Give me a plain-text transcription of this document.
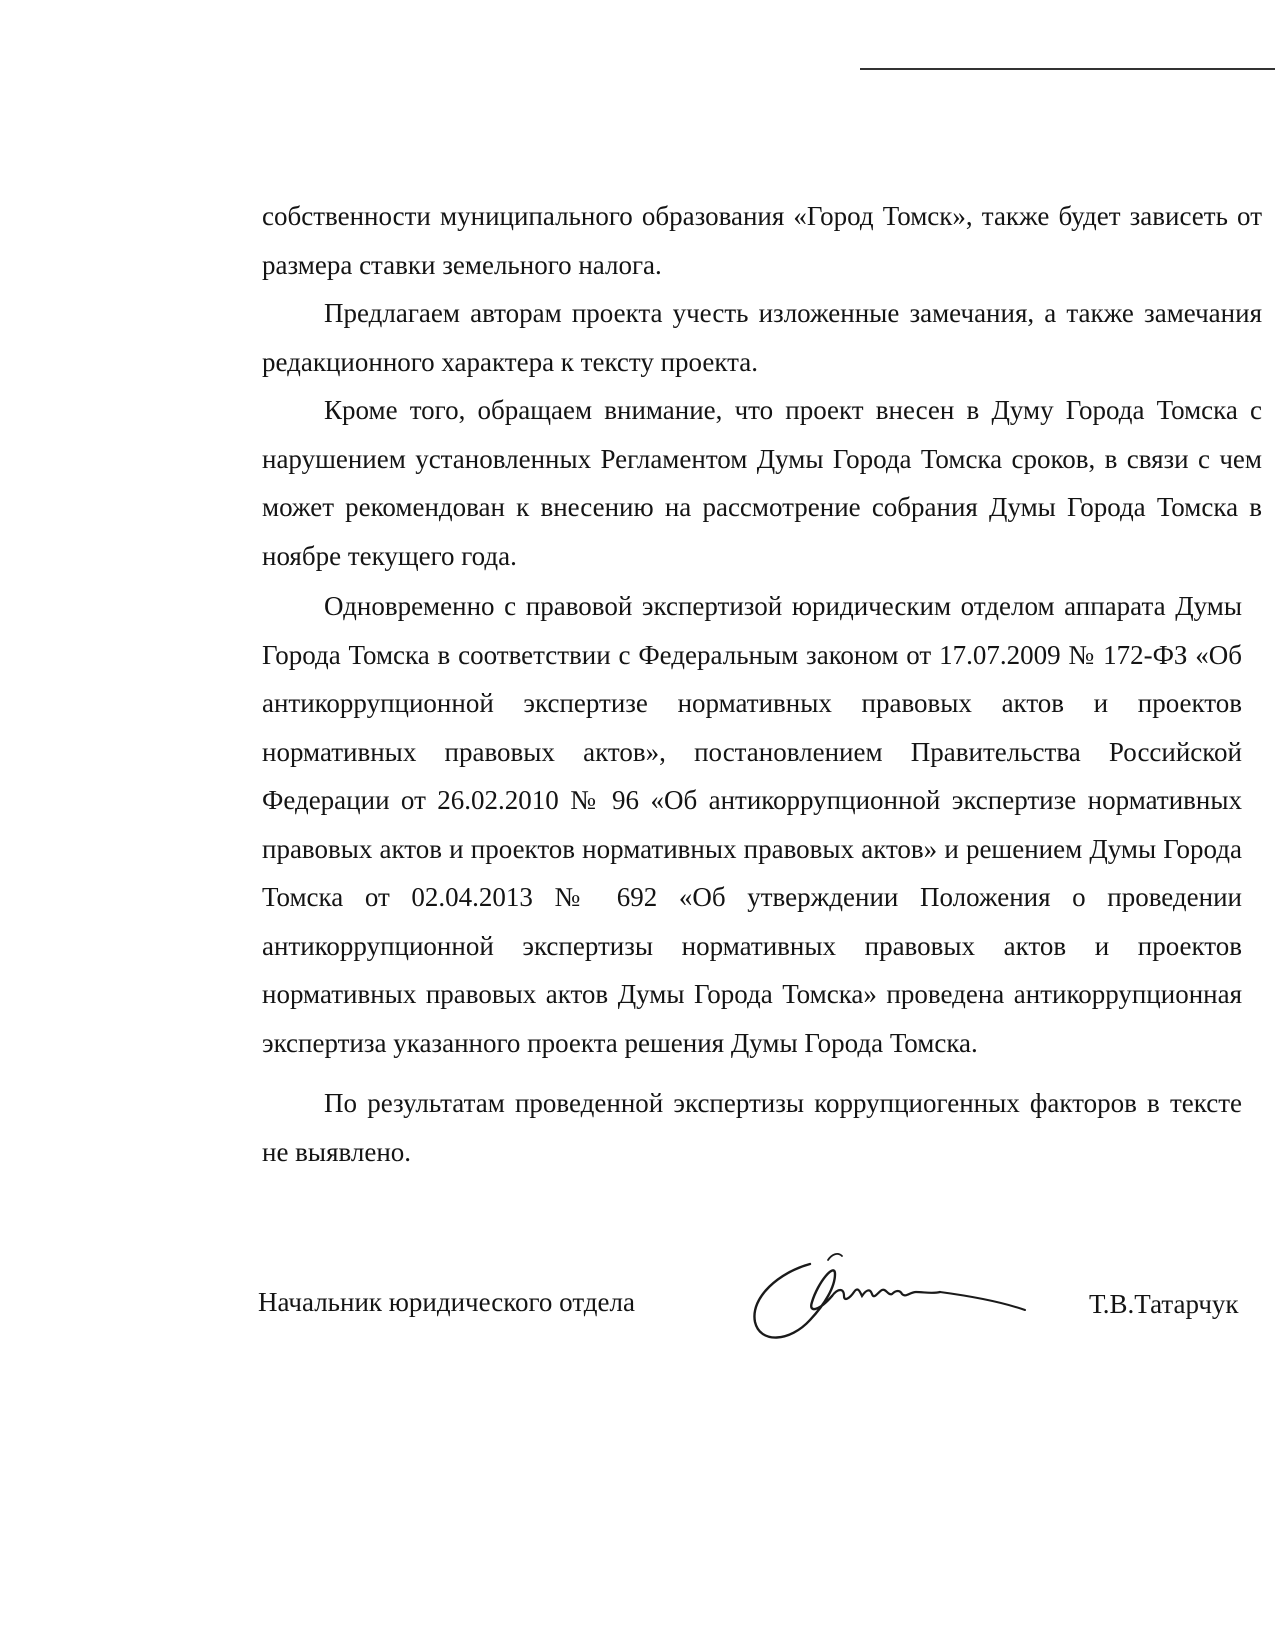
собственности муниципального образования «Город Томск», также будет зависеть от размера ставки земельного налога.

Предлагаем авторам проекта учесть изложенные замечания, а также замечания редакционного характера к тексту проекта.

Кроме того, обращаем внимание, что проект внесен в Думу Города Томска с нарушением установленных Регламентом Думы Города Томска сроков, в связи с чем может рекомендован к внесению на рассмотрение собрания Думы Города Томска в ноябре текущего года.

Одновременно с правовой экспертизой юридическим отделом аппарата Думы Города Томска в соответствии с Федеральным законом от 17.07.2009 № 172-ФЗ «Об антикоррупционной экспертизе нормативных правовых актов и проектов нормативных правовых актов», постановлением Правительства Российской Федерации от 26.02.2010 № 96 «Об антикоррупционной экспертизе нормативных правовых актов и проектов нормативных правовых актов» и решением Думы Города Томска от 02.04.2013 № 692 «Об утверждении Положения о проведении антикоррупционной экспертизы нормативных правовых актов и проектов нормативных правовых актов Думы Города Томска» проведена антикоррупционная экспертиза указанного проекта решения Думы Города Томска.

По результатам проведенной экспертизы коррупциогенных факторов в тексте не выявлено.

Начальник юридического отдела	Т.В.Татарчук
